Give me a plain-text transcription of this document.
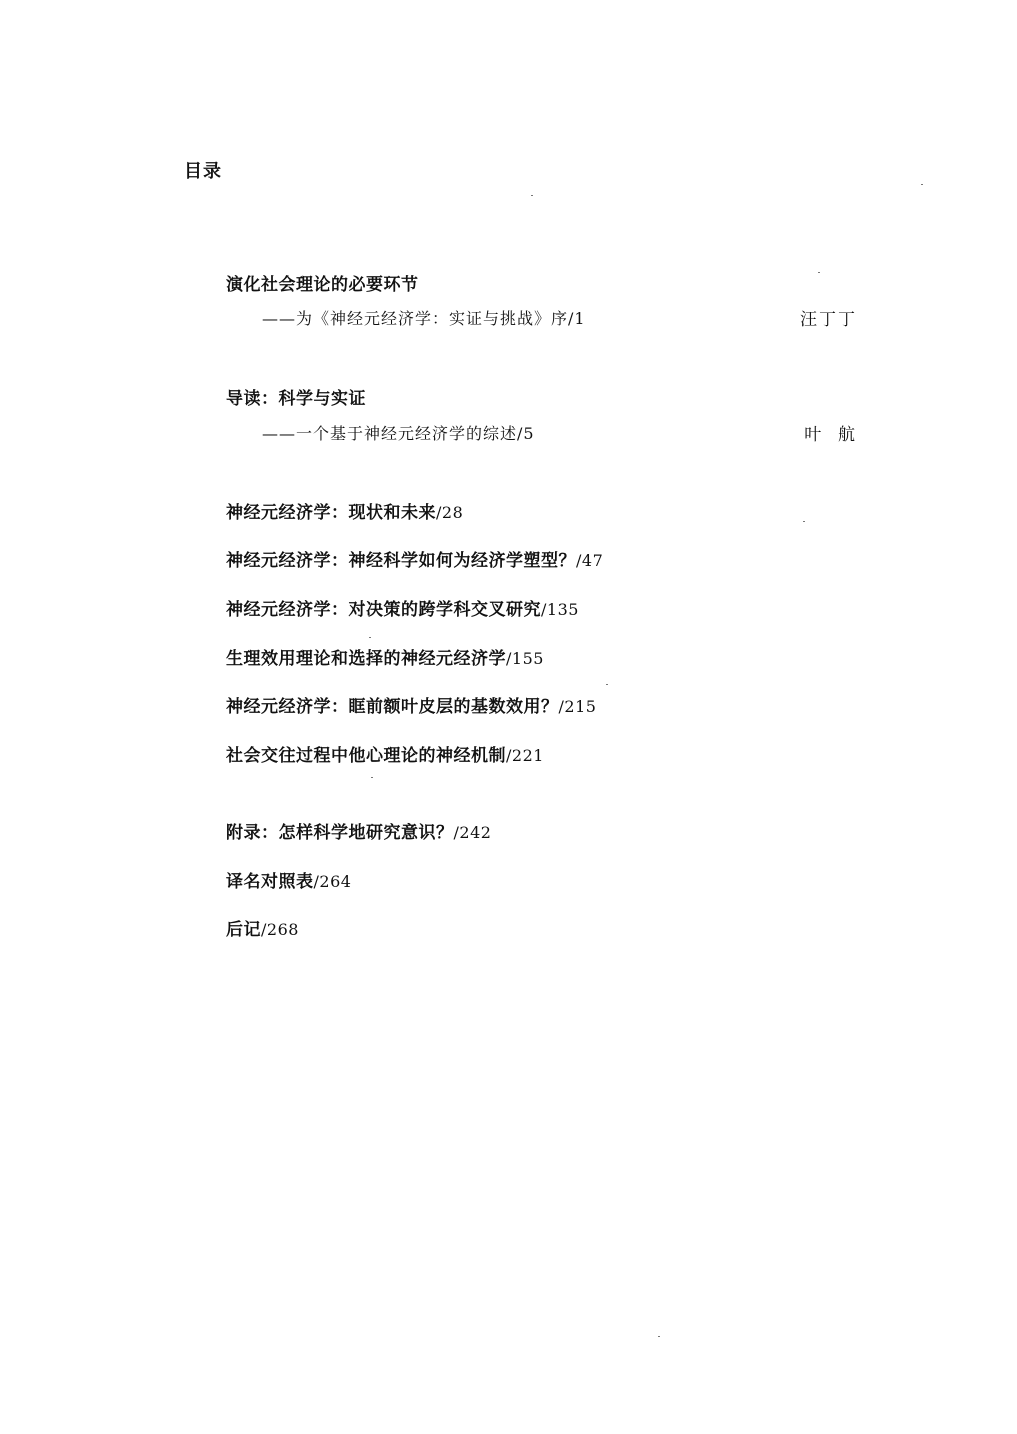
目录
演化社会理论的必要环节
——为《神经元经济学：实证与挑战》序/1	汪丁丁
导读：科学与实证
——一个基于神经元经济学的综述/5	叶  航
神经元经济学：现状和未来/28
神经元经济学：神经科学如何为经济学塑型？/47
神经元经济学：对决策的跨学科交叉研究/135
生理效用理论和选择的神经元经济学/155
神经元经济学：眶前额叶皮层的基数效用？/215
社会交往过程中他心理论的神经机制/221
附录：怎样科学地研究意识？/242
译名对照表/264
后记/268
